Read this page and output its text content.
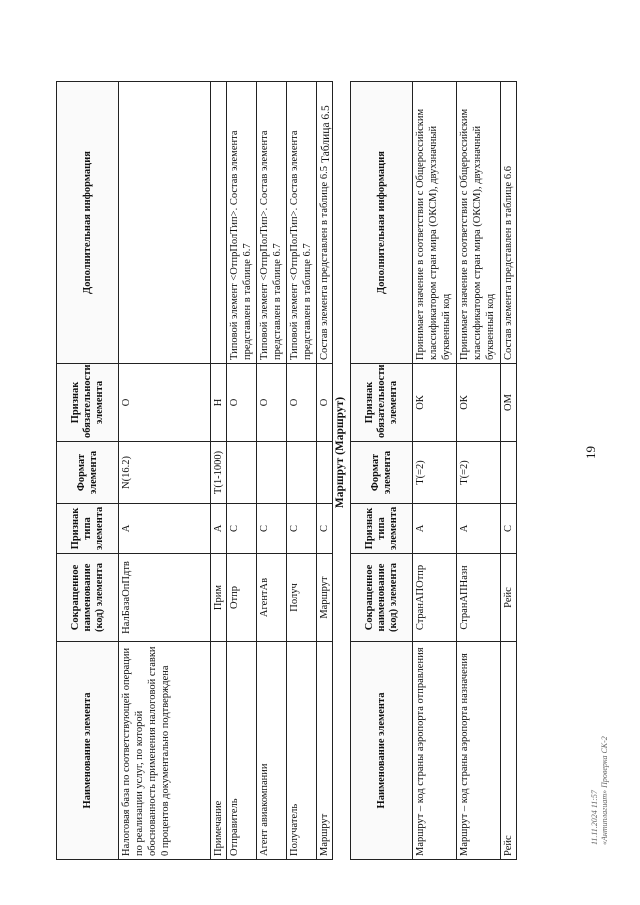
19
Наименование элемента	Сокращенное наименование (код) элемента	Признак типа элемента	Формат элемента	Признак обязательности элемента	Дополнительная информация
Налоговая база по соответствующей операции по реализации услуг, по которой обоснованность применения налоговой ставки 0 процентов документально подтверждена	НалБазаОпПдтв	А	N(16.2)	О	
Примечание	Прим	А	T(1-1000)	Н	
Отправитель	Отпр	С		О	Типовой элемент <ОтпрПолТип>. Состав элемента представлен в таблице 6.7
Агент авиакомпании	АгентАв	С		О	Типовой элемент <ОтпрПолТип>. Состав элемента представлен в таблице 6.7
Получатель	Получ	С		О	Типовой элемент <ОтпрПолТип>. Состав элемента представлен в таблице 6.7
Маршрут	Маршрут	С		О	Состав элемента представлен в таблице 6.5
Таблица 6.5
Маршрут (Маршрут)
Наименование элемента	Сокращенное наименование (код) элемента	Признак типа элемента	Формат элемента	Признак обязательности элемента	Дополнительная информация
Маршрут – код страны аэропорта отправления	СтранАПОтпр	А	T(=2)	ОК	Принимает значение в соответствии с Общероссийским классификатором стран мира (ОКСМ), двухзначный буквенный код
Маршрут – код страны аэропорта назначения	СтранАПНазн	А	T(=2)	ОК	Принимает значение в соответствии с Общероссийским классификатором стран мира (ОКСМ), двухзначный буквенный код
Рейс	Рейс	С		ОМ	Состав элемента представлен в таблице 6.6
11.11.2024 11:57 «Антиплагиат» Проверка СК-2
